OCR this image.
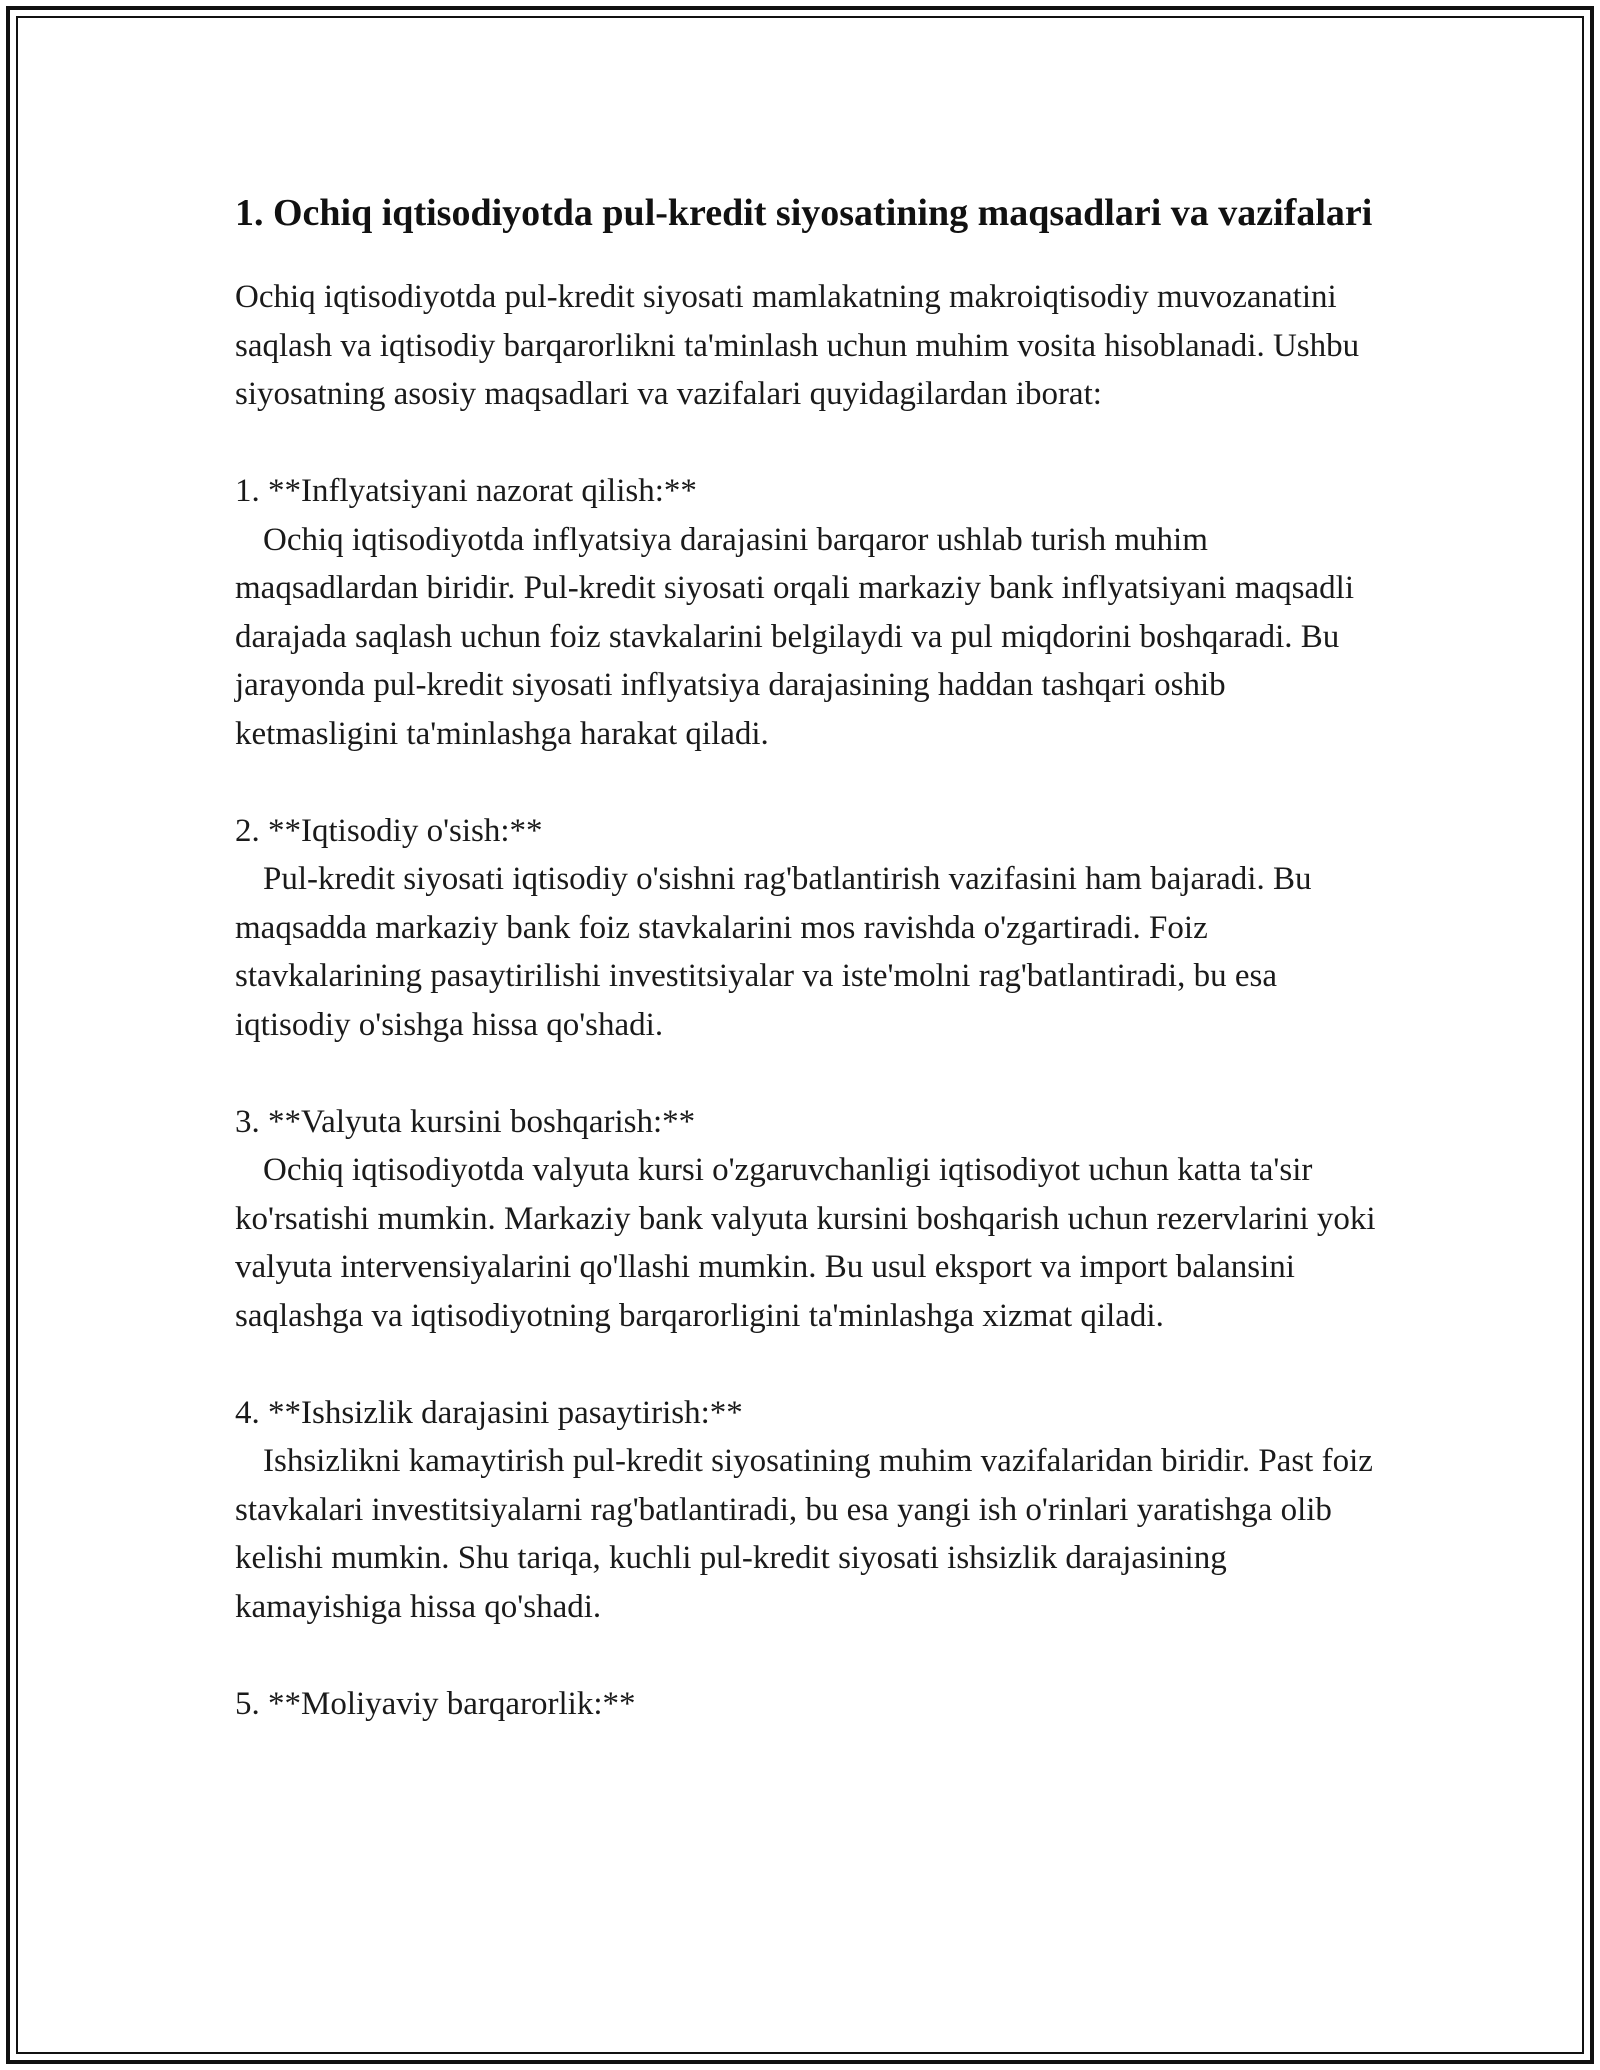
1. Ochiq iqtisodiyotda pul-kredit siyosatining maqsadlari va vazifalari

Ochiq iqtisodiyotda pul-kredit siyosati mamlakatning makroiqtisodiy muvozanatini saqlash va iqtisodiy barqarorlikni ta'minlash uchun muhim vosita hisoblanadi. Ushbu siyosatning asosiy maqsadlari va vazifalari quyidagilardan iborat:

1. **Inflyatsiyani nazorat qilish:**

Ochiq iqtisodiyotda inflyatsiya darajasini barqaror ushlab turish muhim maqsadlardan biridir. Pul-kredit siyosati orqali markaziy bank inflyatsiyani maqsadli darajada saqlash uchun foiz stavkalarini belgilaydi va pul miqdorini boshqaradi. Bu jarayonda pul-kredit siyosati inflyatsiya darajasining haddan tashqari oshib ketmasligini ta'minlashga harakat qiladi.

2. **Iqtisodiy o'sish:**

Pul-kredit siyosati iqtisodiy o'sishni rag'batlantirish vazifasini ham bajaradi. Bu maqsadda markaziy bank foiz stavkalarini mos ravishda o'zgartiradi. Foiz stavkalarining pasaytirilishi investitsiyalar va iste'molni rag'batlantiradi, bu esa iqtisodiy o'sishga hissa qo'shadi.

3. **Valyuta kursini boshqarish:**

Ochiq iqtisodiyotda valyuta kursi o'zgaruvchanligi iqtisodiyot uchun katta ta'sir ko'rsatishi mumkin. Markaziy bank valyuta kursini boshqarish uchun rezervlarini yoki valyuta intervensiyalarini qo'llashi mumkin. Bu usul eksport va import balansini saqlashga va iqtisodiyotning barqarorligini ta'minlashga xizmat qiladi.

4. **Ishsizlik darajasini pasaytirish:**

Ishsizlikni kamaytirish pul-kredit siyosatining muhim vazifalaridan biridir. Past foiz stavkalari investitsiyalarni rag'batlantiradi, bu esa yangi ish o'rinlari yaratishga olib kelishi mumkin. Shu tariqa, kuchli pul-kredit siyosati ishsizlik darajasining kamayishiga hissa qo'shadi.

5. **Moliyaviy barqarorlik:**
